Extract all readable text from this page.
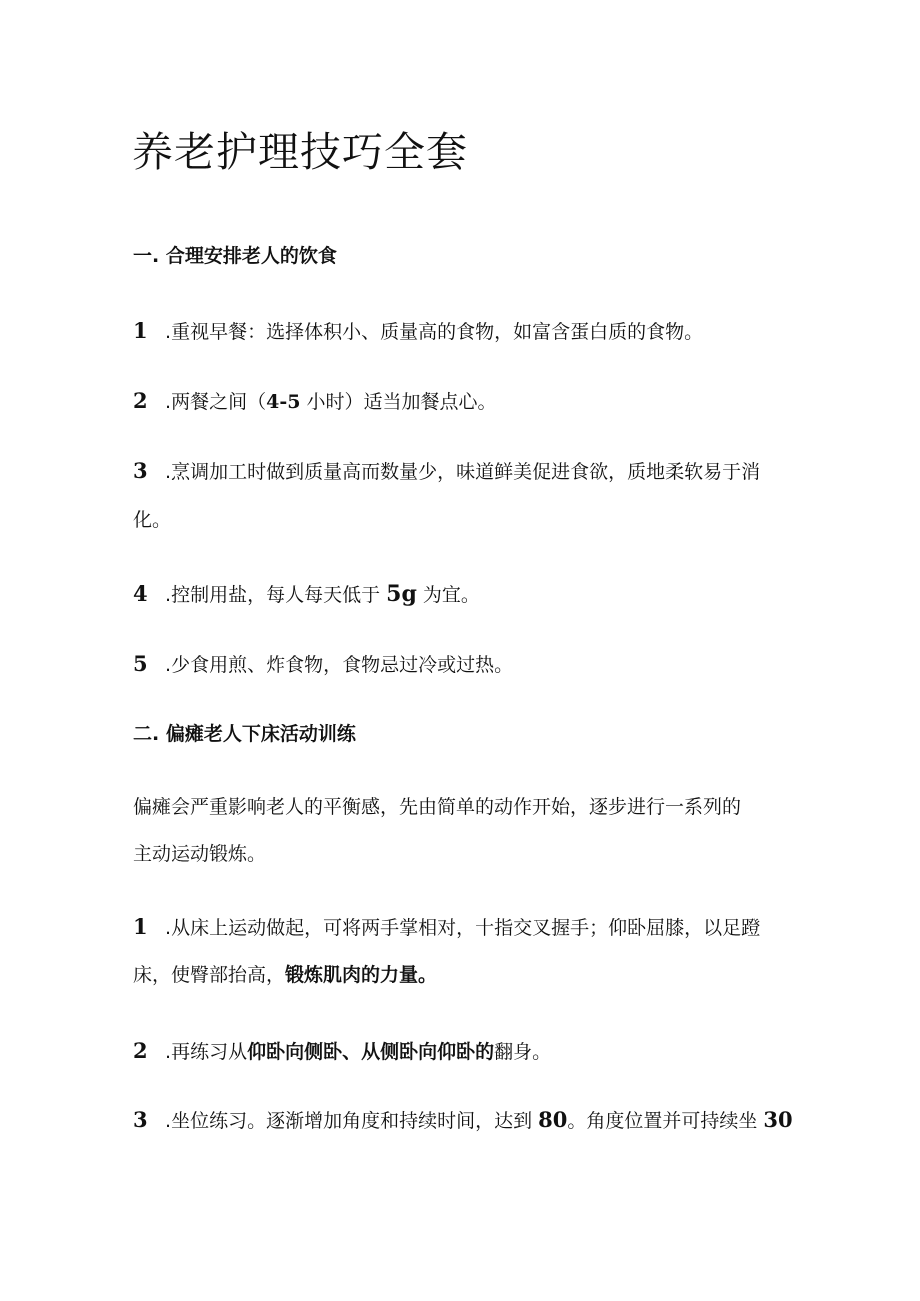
养老护理技巧全套

一. 合理安排老人的饮食

1 .重视早餐：选择体积小、质量高的食物，如富含蛋白质的食物。

2 .两餐之间（4-5 小时）适当加餐点心。

3 .烹调加工时做到质量高而数量少，味道鲜美促进食欲，质地柔软易于消

化。

4 .控制用盐，每人每天低于 5g 为宜。

5 .少食用煎、炸食物，食物忌过冷或过热。

二. 偏瘫老人下床活动训练

偏瘫会严重影响老人的平衡感，先由简单的动作开始，逐步进行一系列的

主动运动锻炼。

1 .从床上运动做起，可将两手掌相对，十指交叉握手；仰卧屈膝，以足蹬

床，使臀部抬高，锻炼肌肉的力量。

2 .再练习从仰卧向侧卧、从侧卧向仰卧的翻身。

3 .坐位练习。逐渐增加角度和持续时间，达到 80。角度位置并可持续坐 30
